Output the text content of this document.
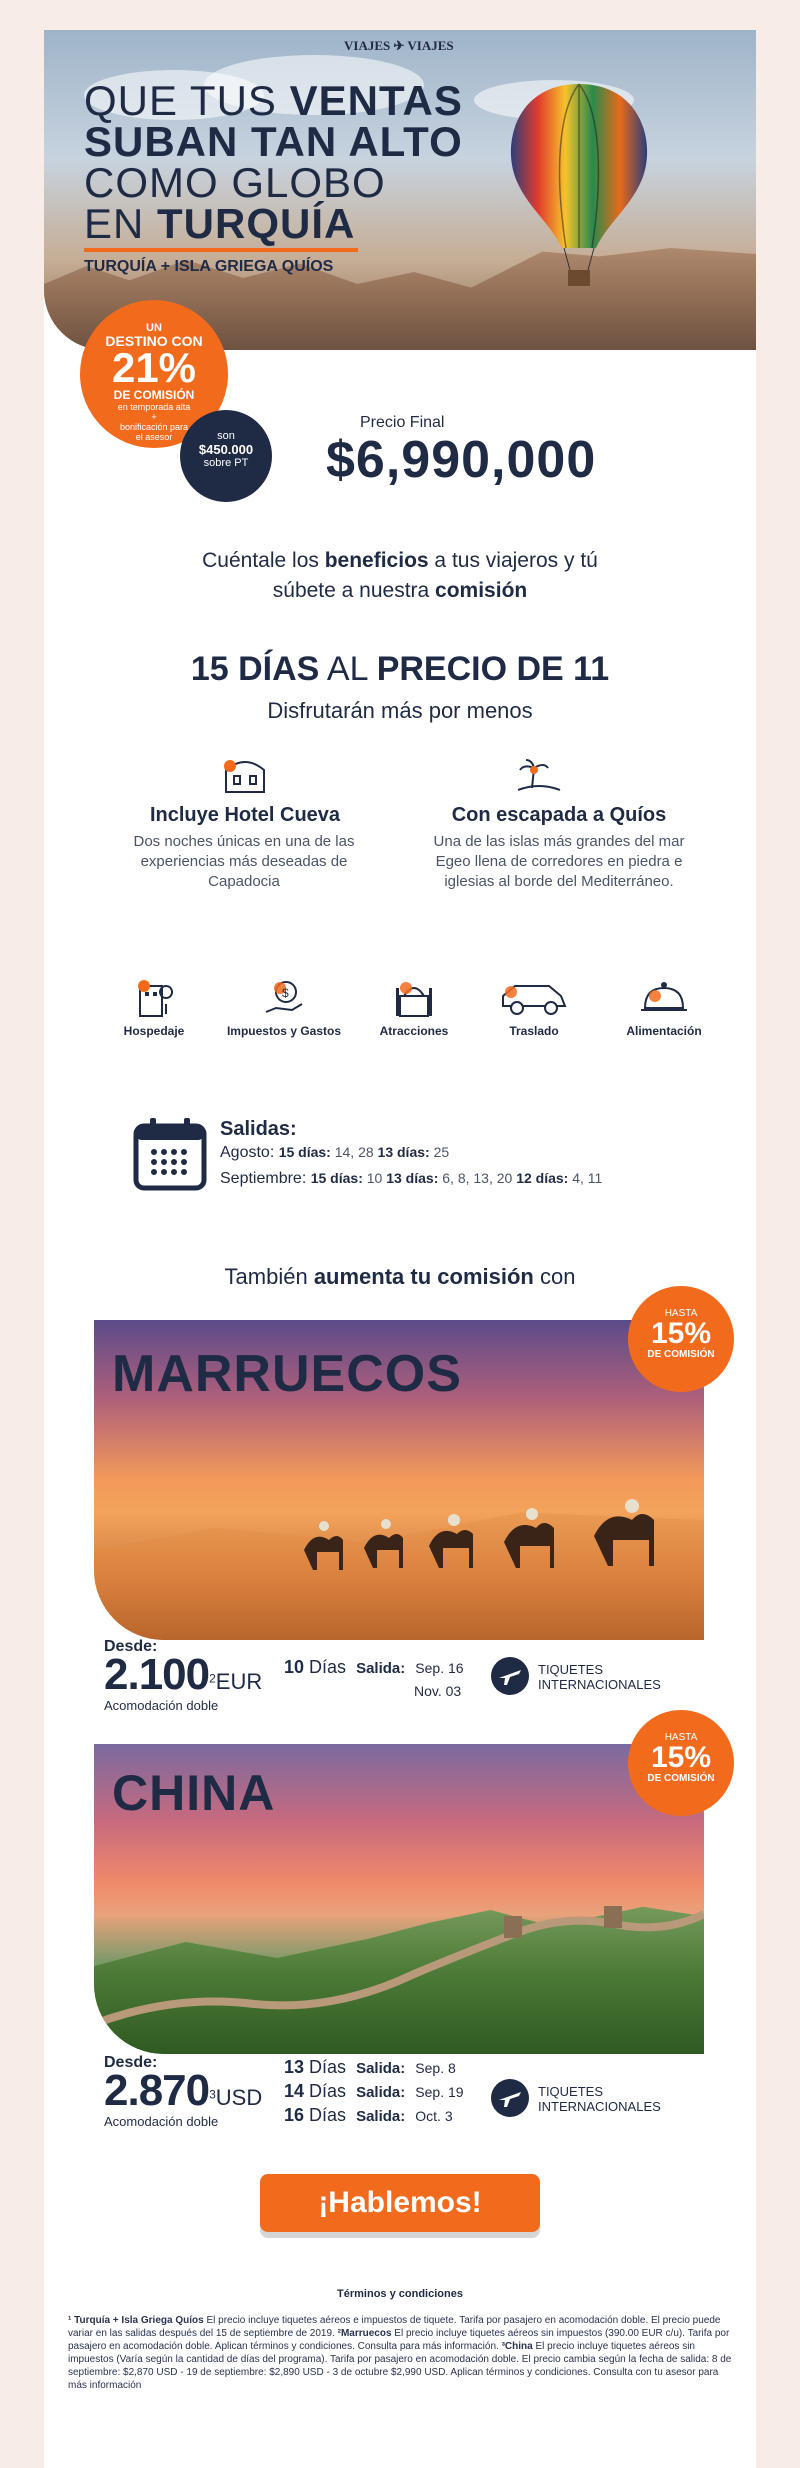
VIAJES ✈ VIAJES
QUE TUS VENTAS
SUBAN TAN ALTO
COMO GLOBO
EN TURQUÍA
TURQUÍA + ISLA GRIEGA QUÍOS
UN
DESTINO CON
21%
DE COMISIÓN
en temporada alta
+
bonificación para
el asesor	son
$450.000
sobre PT
Precio Final
$6,990,000
Cuéntale los beneficios a tus viajeros y tú
súbete a nuestra comisión
15 DÍAS AL PRECIO DE 11
Disfrutarán más por menos
Incluye Hotel Cueva
Dos noches únicas en una de las experiencias más deseadas de Capadocia
Con escapada a Quíos
Una de las islas más grandes del mar Egeo llena de corredores en piedra e iglesias al borde del Mediterráneo.
Hospedaje
$
Impuestos y Gastos	Atracciones	Traslado	Alimentación
Salidas:
Agosto: 15 días: 14, 28 13 días: 25
Septiembre: 15 días: 10 13 días: 6, 8, 13, 20 12 días: 4, 11
También aumenta tu comisión con
MARRUECOS
HASTA
15%
DE COMISIÓN
Desde:
2.100$^2$EUR
Acomodación doble
10 Días Salida: Sep. 16
Nov. 03
TIQUETES INTERNACIONALES
CHINA
HASTA
15%
DE COMISIÓN
Desde:
2.870$^3$USD
Acomodación doble
13 Días Salida: Sep. 8
14 Días Salida: Sep. 19
16 Días Salida: Oct. 3
TIQUETES INTERNACIONALES
¡Hablemos!
Términos y condiciones
¹ Turquía + Isla Griega Quíos El precio incluye tiquetes aéreos e impuestos de tiquete. Tarifa por pasajero en acomodación doble. El precio puede variar en las salidas después del 15 de septiembre de 2019. ²Marruecos El precio incluye tiquetes aéreos sin impuestos (390.00 EUR c/u). Tarifa por pasajero en acomodación doble. Aplican términos y condiciones. Consulta para más información. ³China El precio incluye tiquetes aéreos sin impuestos (Varía según la cantidad de días del programa). Tarifa por pasajero en acomodación doble. El precio cambia según la fecha de salida: 8 de septiembre: $2,870 USD - 19 de septiembre: $2,890 USD - 3 de octubre $2,990 USD. Aplican términos y condiciones. Consulta con tu asesor para más información
